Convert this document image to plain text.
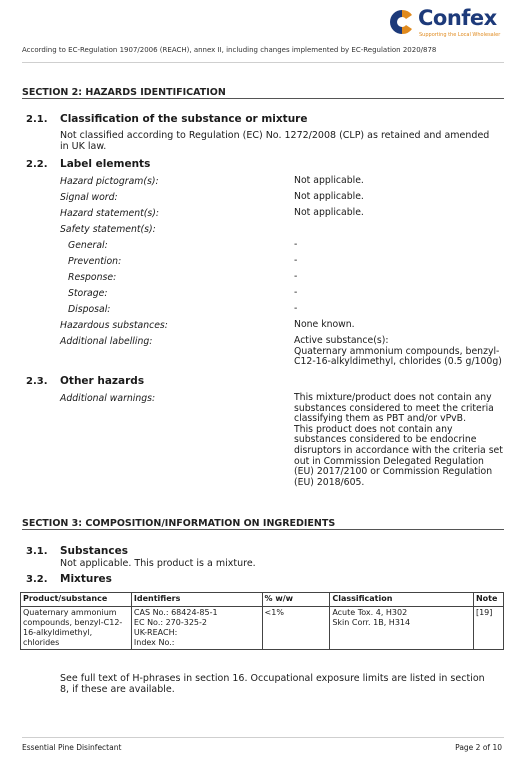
Confex
Supporting the Local Wholesaler
According to EC-Regulation 1907/2006 (REACH), annex II, including changes implemented by EC-Regulation 2020/878
SECTION 2: HAZARDS IDENTIFICATION
2.1. Classification of the substance or mixture
Not classified according to Regulation (EC) No. 1272/2008 (CLP) as retained and amended in UK law.
2.2. Label elements
Hazard pictogram(s):	Not applicable.
Signal word:	Not applicable.
Hazard statement(s):	Not applicable.
Safety statement(s):
General:	-
Prevention:	-
Response:	-
Storage:	-
Disposal:	-
Hazardous substances:	None known.
Additional labelling:	Active substance(s):
Quaternary ammonium compounds, benzyl-C12-16-alkyldimethyl, chlorides (0.5 g/100g)
2.3. Other hazards
Additional warnings:	This mixture/product does not contain any substances considered to meet the criteria classifying them as PBT and/or vPvB.
This product does not contain any substances considered to be endocrine disruptors in accordance with the criteria set out in Commission Delegated Regulation (EU) 2017/2100 or Commission Regulation (EU) 2018/605.
SECTION 3: COMPOSITION/INFORMATION ON INGREDIENTS
3.1. Substances
Not applicable. This product is a mixture.
3.2. Mixtures
Product/substance	Identifiers	% w/w	Classification	Note
Quaternary ammonium compounds, benzyl-C12-16-alkyldimethyl, chlorides	CAS No.: 68424-85-1
EC No.: 270-325-2
UK-REACH:
Index No.:	<1%	Acute Tox. 4, H302
Skin Corr. 1B, H314	[19]
See full text of H-phrases in section 16. Occupational exposure limits are listed in section 8, if these are available.
Essential Pine Disinfectant	Page 2 of 10
